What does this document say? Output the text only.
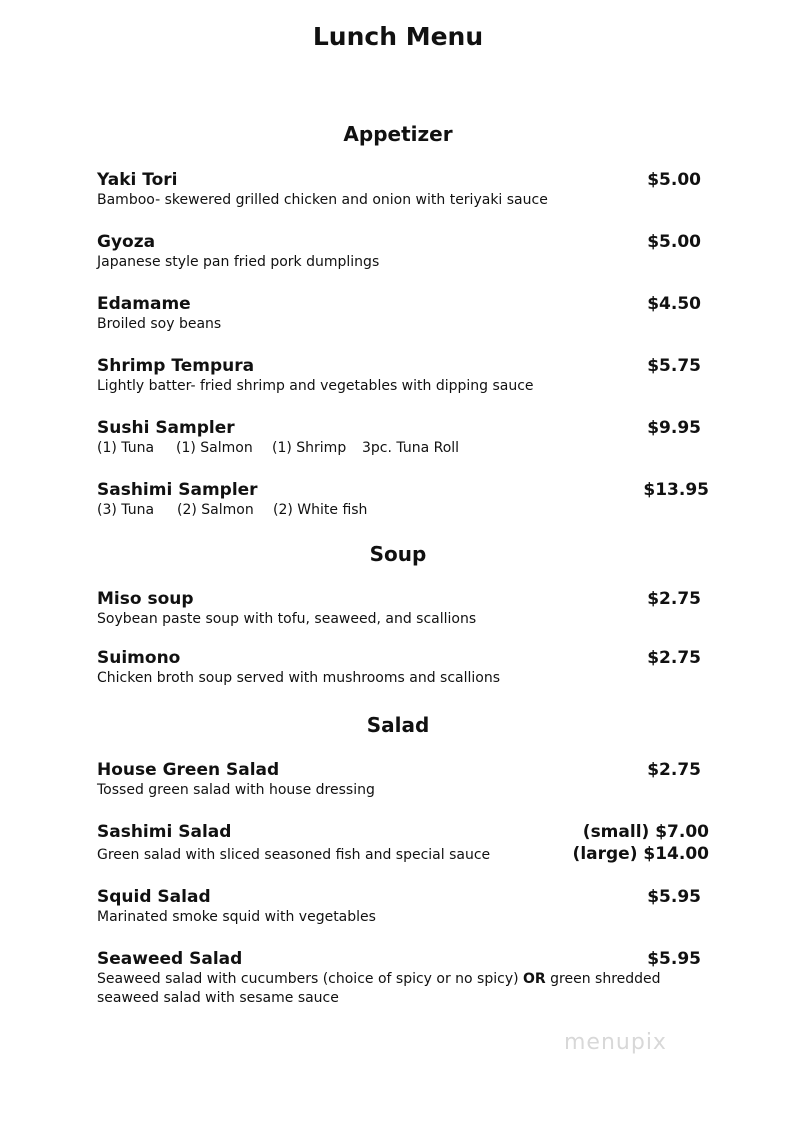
Lunch Menu
Appetizer
Yaki Tori
Bamboo- skewered grilled chicken and onion with teriyaki sauce
$5.00
Gyoza
Japanese style pan fried pork dumplings
$5.00
Edamame
Broiled soy beans
$4.50
Shrimp Tempura
Lightly batter- fried shrimp and vegetables with dipping sauce
$5.75
Sushi Sampler
(1) Tuna (1) Salmon (1) Shrimp 3pc. Tuna Roll
$9.95
Sashimi Sampler
(3) Tuna (2) Salmon (2) White fish
$13.95
Soup
Miso soup
Soybean paste soup with tofu, seaweed, and scallions
$2.75
Suimono
Chicken broth soup served with mushrooms and scallions
$2.75
Salad
House Green Salad
Tossed green salad with house dressing
$2.75
Sashimi Salad
Green salad with sliced seasoned fish and special sauce
(small) $7.00
(large) $14.00
Squid Salad
Marinated smoke squid with vegetables
$5.95
Seaweed Salad
Seaweed salad with cucumbers (choice of spicy or no spicy) OR green shredded seaweed salad with sesame sauce
$5.95
menupix
